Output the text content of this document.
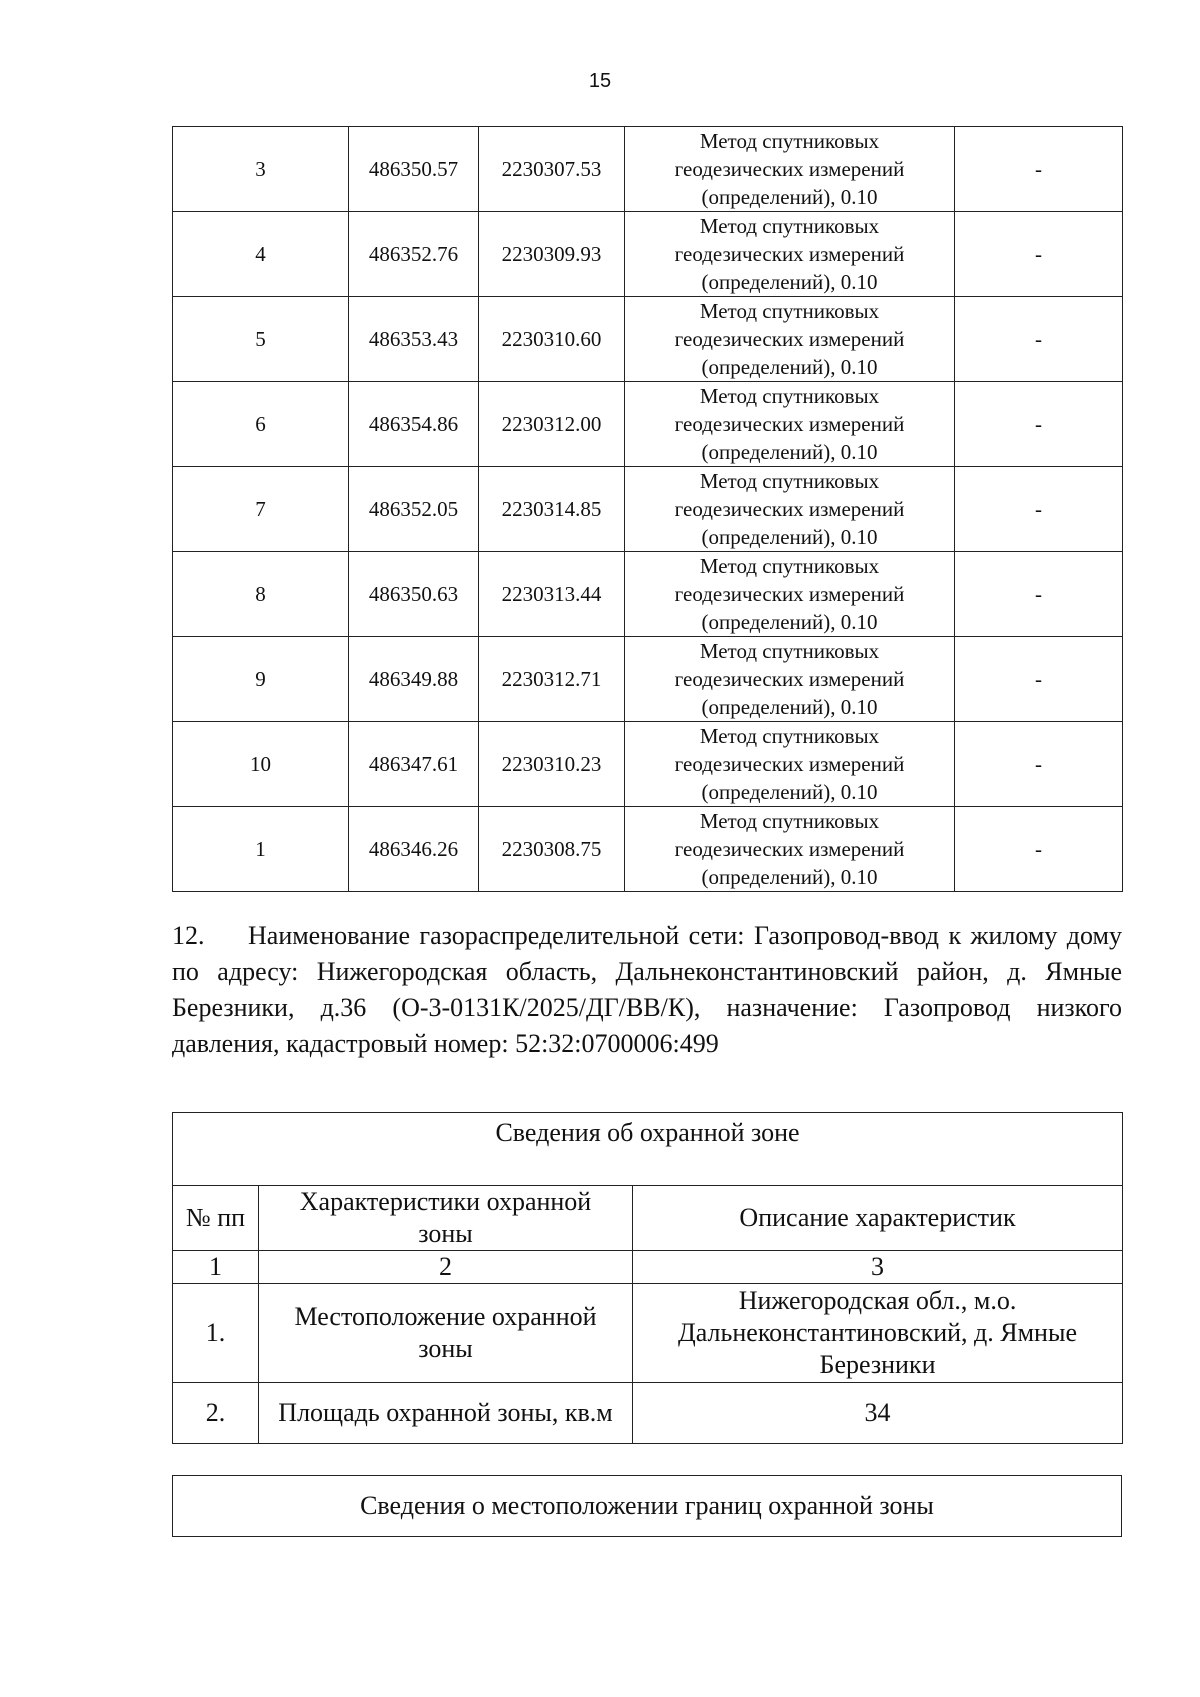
15
3	486350.57	2230307.53	Метод спутниковых
геодезических измерений
(определений), 0.10	-
4	486352.76	2230309.93	Метод спутниковых
геодезических измерений
(определений), 0.10	-
5	486353.43	2230310.60	Метод спутниковых
геодезических измерений
(определений), 0.10	-
6	486354.86	2230312.00	Метод спутниковых
геодезических измерений
(определений), 0.10	-
7	486352.05	2230314.85	Метод спутниковых
геодезических измерений
(определений), 0.10	-
8	486350.63	2230313.44	Метод спутниковых
геодезических измерений
(определений), 0.10	-
9	486349.88	2230312.71	Метод спутниковых
геодезических измерений
(определений), 0.10	-
10	486347.61	2230310.23	Метод спутниковых
геодезических измерений
(определений), 0.10	-
1	486346.26	2230308.75	Метод спутниковых
геодезических измерений
(определений), 0.10	-
12. Наименование газораспределительной сети: Газопровод-ввод к жилому дому по адресу: Нижегородская область, Дальнеконстантиновский район, д. Ямные Березники, д.36 (О-3-0131К/2025/ДГ/ВВ/К), назначение: Газопровод низкого давления, кадастровый номер: 52:32:0700006:499
Сведения об охранной зоне		
№ пп	Характеристики охранной
зоны	Описание характеристик
1	2	3
1.	Местоположение охранной
зоны	Нижегородская обл., м.о.
Дальнеконстантиновский, д. Ямные
Березники
2.	Площадь охранной зоны, кв.м	34
Сведения о местоположении границ охранной зоны
